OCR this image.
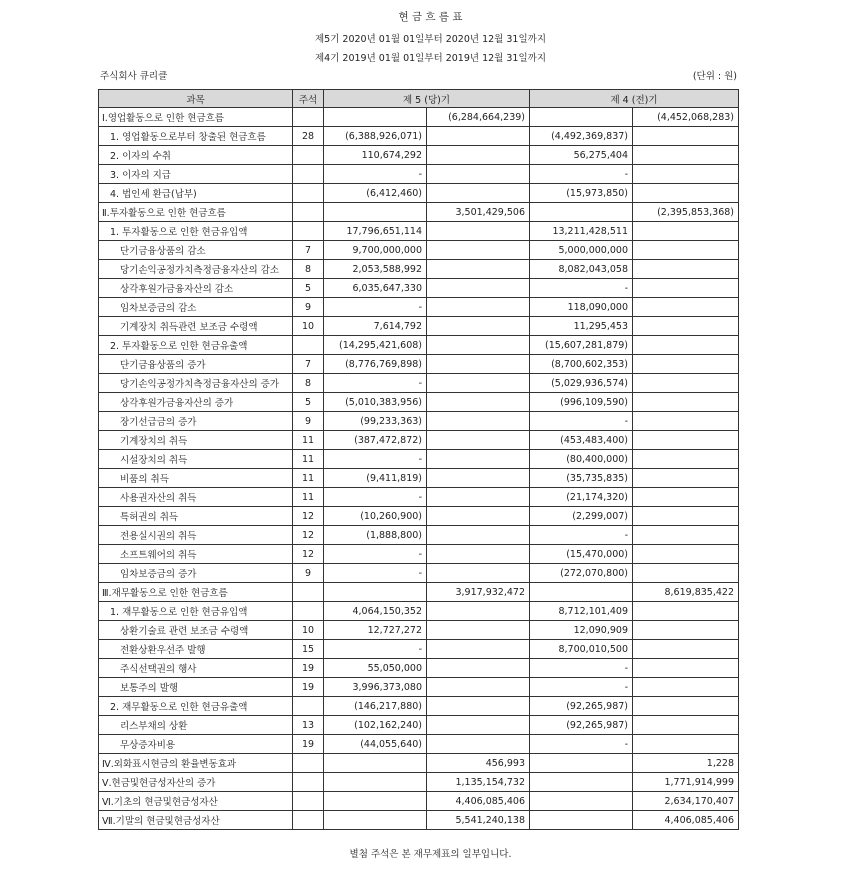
현 금 흐 름 표
제5기 2020년 01월 01일부터 2020년 12월 31일까지
제4기 2019년 01월 01일부터 2019년 12월 31일까지
주식회사 큐리클	(단위 : 원)
과목	주석	제 5 (당)기		제 4 (전)기	
Ⅰ.영업활동으로 인한 현금흐름			(6,284,664,239)		(4,452,068,283)
1. 영업활동으로부터 창출된 현금흐름	28	(6,388,926,071)		(4,492,369,837)	
2. 이자의 수취		110,674,292		56,275,404	
3. 이자의 지급		-		-	
4. 법인세 환급(납부)		(6,412,460)		(15,973,850)	
Ⅱ.투자활동으로 인한 현금흐름			3,501,429,506		(2,395,853,368)
1. 투자활동으로 인한 현금유입액		17,796,651,114		13,211,428,511	
단기금융상품의 감소	7	9,700,000,000		5,000,000,000	
당기손익공정가치측정금융자산의 감소	8	2,053,588,992		8,082,043,058	
상각후원가금융자산의 감소	5	6,035,647,330		-	
임차보증금의 감소	9	-		118,090,000	
기계장치 취득관련 보조금 수령액	10	7,614,792		11,295,453	
2. 투자활동으로 인한 현금유출액		(14,295,421,608)		(15,607,281,879)	
단기금융상품의 증가	7	(8,776,769,898)		(8,700,602,353)	
당기손익공정가치측정금융자산의 증가	8	-		(5,029,936,574)	
상각후원가금융자산의 증가	5	(5,010,383,956)		(996,109,590)	
장기선급금의 증가	9	(99,233,363)		-	
기계장치의 취득	11	(387,472,872)		(453,483,400)	
시설장치의 취득	11	-		(80,400,000)	
비품의 취득	11	(9,411,819)		(35,735,835)	
사용권자산의 취득	11	-		(21,174,320)	
특허권의 취득	12	(10,260,900)		(2,299,007)	
전용실시권의 취득	12	(1,888,800)		-	
소프트웨어의 취득	12	-		(15,470,000)	
임차보증금의 증가	9	-		(272,070,800)	
Ⅲ.재무활동으로 인한 현금흐름			3,917,932,472		8,619,835,422
1. 재무활동으로 인한 현금유입액		4,064,150,352		8,712,101,409	
상환기술료 관련 보조금 수령액	10	12,727,272		12,090,909	
전환상환우선주 발행	15	-		8,700,010,500	
주식선택권의 행사	19	55,050,000		-	
보통주의 발행	19	3,996,373,080		-	
2. 재무활동으로 인한 현금유출액		(146,217,880)		(92,265,987)	
리스부채의 상환	13	(102,162,240)		(92,265,987)	
무상증자비용	19	(44,055,640)		-	
Ⅳ.외화표시현금의 환율변동효과			456,993		1,228
Ⅴ.현금및현금성자산의 증가			1,135,154,732		1,771,914,999
Ⅵ.기초의 현금및현금성자산			4,406,085,406		2,634,170,407
Ⅶ.기말의 현금및현금성자산			5,541,240,138		4,406,085,406
별첨 주석은 본 재무제표의 일부입니다.
